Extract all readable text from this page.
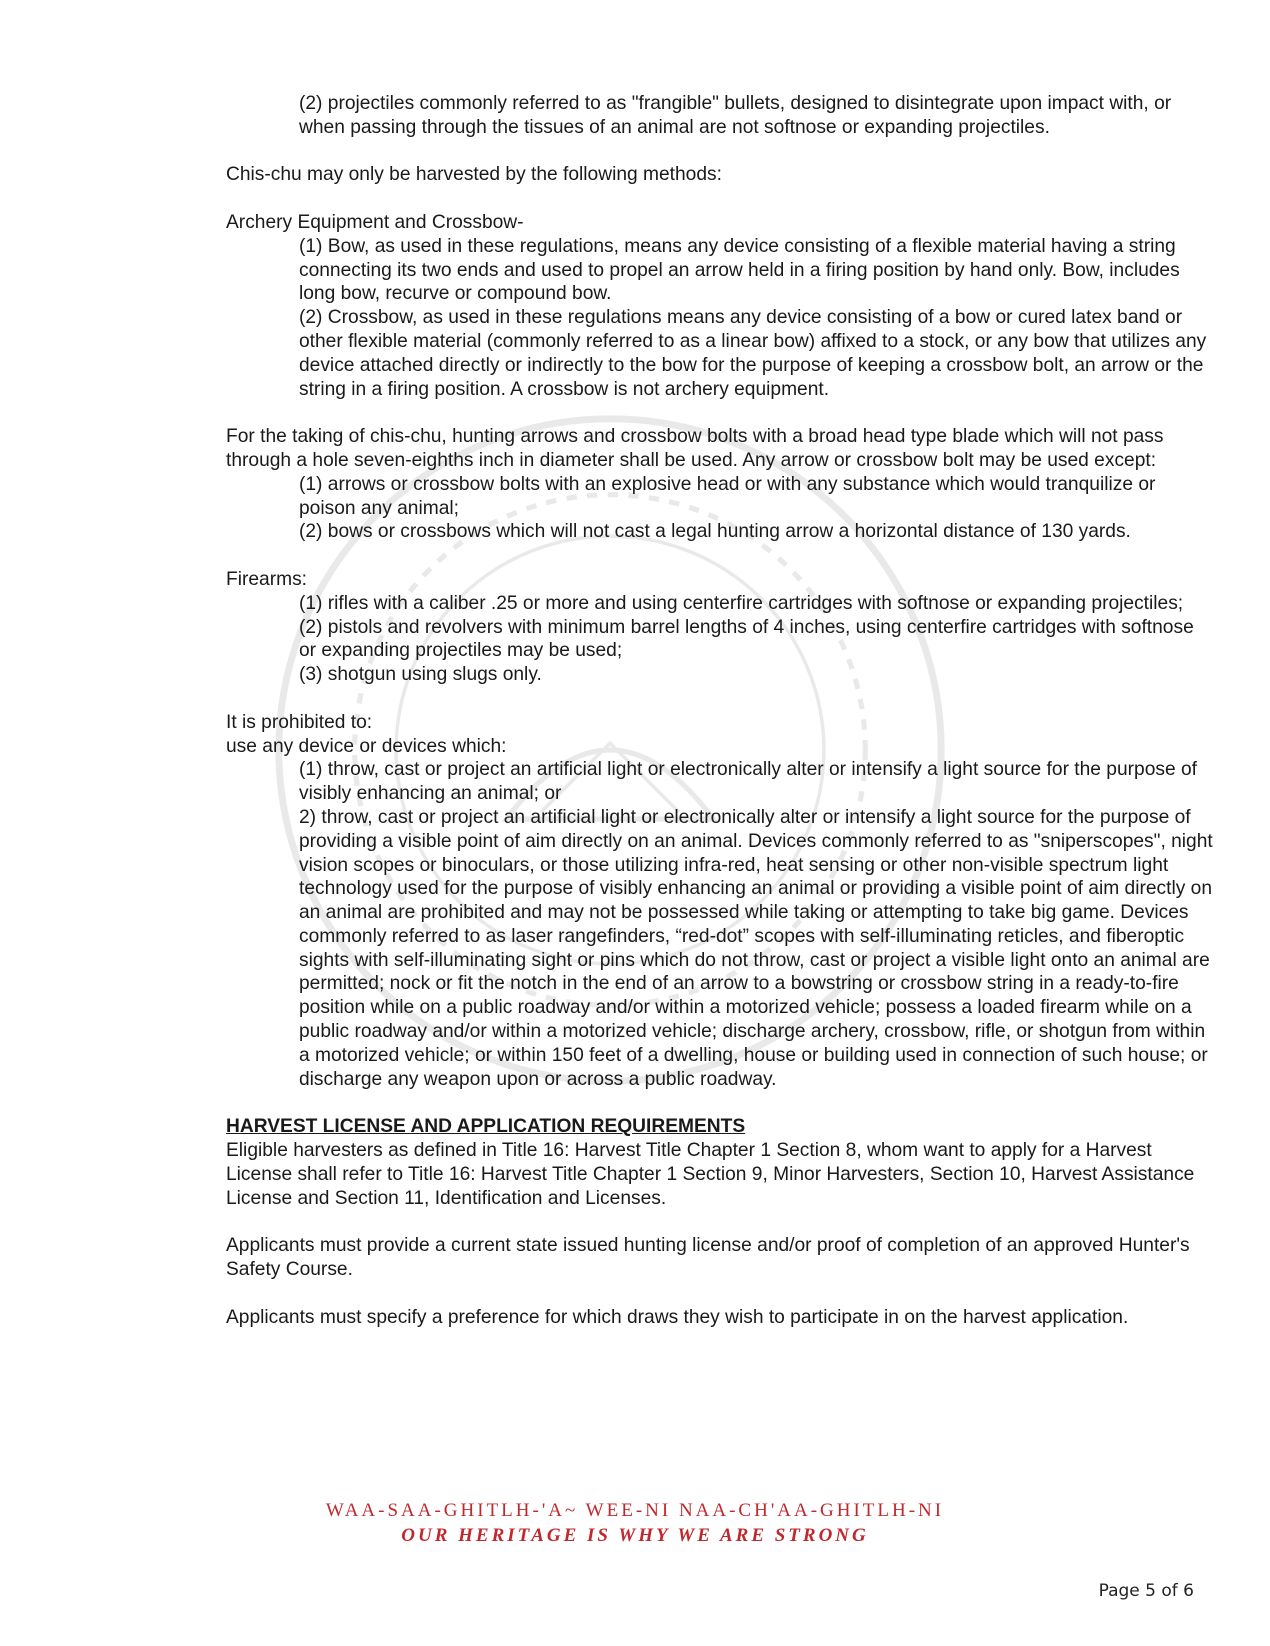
(2) projectiles commonly referred to as "frangible" bullets, designed to disintegrate upon impact with, or when passing through the tissues of an animal are not softnose or expanding projectiles.

Chis-chu may only be harvested by the following methods:

Archery Equipment and Crossbow-

(1) Bow, as used in these regulations, means any device consisting of a flexible material having a string connecting its two ends and used to propel an arrow held in a firing position by hand only. Bow, includes long bow, recurve or compound bow.

(2) Crossbow, as used in these regulations means any device consisting of a bow or cured latex band or other flexible material (commonly referred to as a linear bow) affixed to a stock, or any bow that utilizes any device attached directly or indirectly to the bow for the purpose of keeping a crossbow bolt, an arrow or the string in a firing position. A crossbow is not archery equipment.

For the taking of chis-chu, hunting arrows and crossbow bolts with a broad head type blade which will not pass through a hole seven-eighths inch in diameter shall be used. Any arrow or crossbow bolt may be used except:

(1) arrows or crossbow bolts with an explosive head or with any substance which would tranquilize or poison any animal;

(2) bows or crossbows which will not cast a legal hunting arrow a horizontal distance of 130 yards.

Firearms:

(1) rifles with a caliber .25 or more and using centerfire cartridges with softnose or expanding projectiles;

(2) pistols and revolvers with minimum barrel lengths of 4 inches, using centerfire cartridges with softnose or expanding projectiles may be used;

(3) shotgun using slugs only.

It is prohibited to:

use any device or devices which:

(1) throw, cast or project an artificial light or electronically alter or intensify a light source for the purpose of visibly enhancing an animal; or

2) throw, cast or project an artificial light or electronically alter or intensify a light source for the purpose of providing a visible point of aim directly on an animal. Devices commonly referred to as "sniperscopes", night vision scopes or binoculars, or those utilizing infra-red, heat sensing or other non-visible spectrum light technology used for the purpose of visibly enhancing an animal or providing a visible point of aim directly on an animal are prohibited and may not be possessed while taking or attempting to take big game. Devices commonly referred to as laser rangefinders, “red-dot” scopes with self-illuminating reticles, and fiberoptic sights with self-illuminating sight or pins which do not throw, cast or project a visible light onto an animal are permitted; nock or fit the notch in the end of an arrow to a bowstring or crossbow string in a ready-to-fire position while on a public roadway and/or within a motorized vehicle; possess a loaded firearm while on a public roadway and/or within a motorized vehicle; discharge archery, crossbow, rifle, or shotgun from within a motorized vehicle; or within 150 feet of a dwelling, house or building used in connection of such house; or discharge any weapon upon or across a public roadway.

HARVEST LICENSE AND APPLICATION REQUIREMENTS

Eligible harvesters as defined in Title 16: Harvest Title Chapter 1 Section 8, whom want to apply for a Harvest License shall refer to Title 16: Harvest Title Chapter 1 Section 9, Minor Harvesters, Section 10, Harvest Assistance License and Section 11, Identification and Licenses.

Applicants must provide a current state issued hunting license and/or proof of completion of an approved Hunter's Safety Course.

Applicants must specify a preference for which draws they wish to participate in on the harvest application.

WAA-SAA-GHITLH-'A~ WEE-NI NAA-CH'AA-GHITLH-NI
OUR HERITAGE IS WHY WE ARE STRONG
Page 5 of 6
